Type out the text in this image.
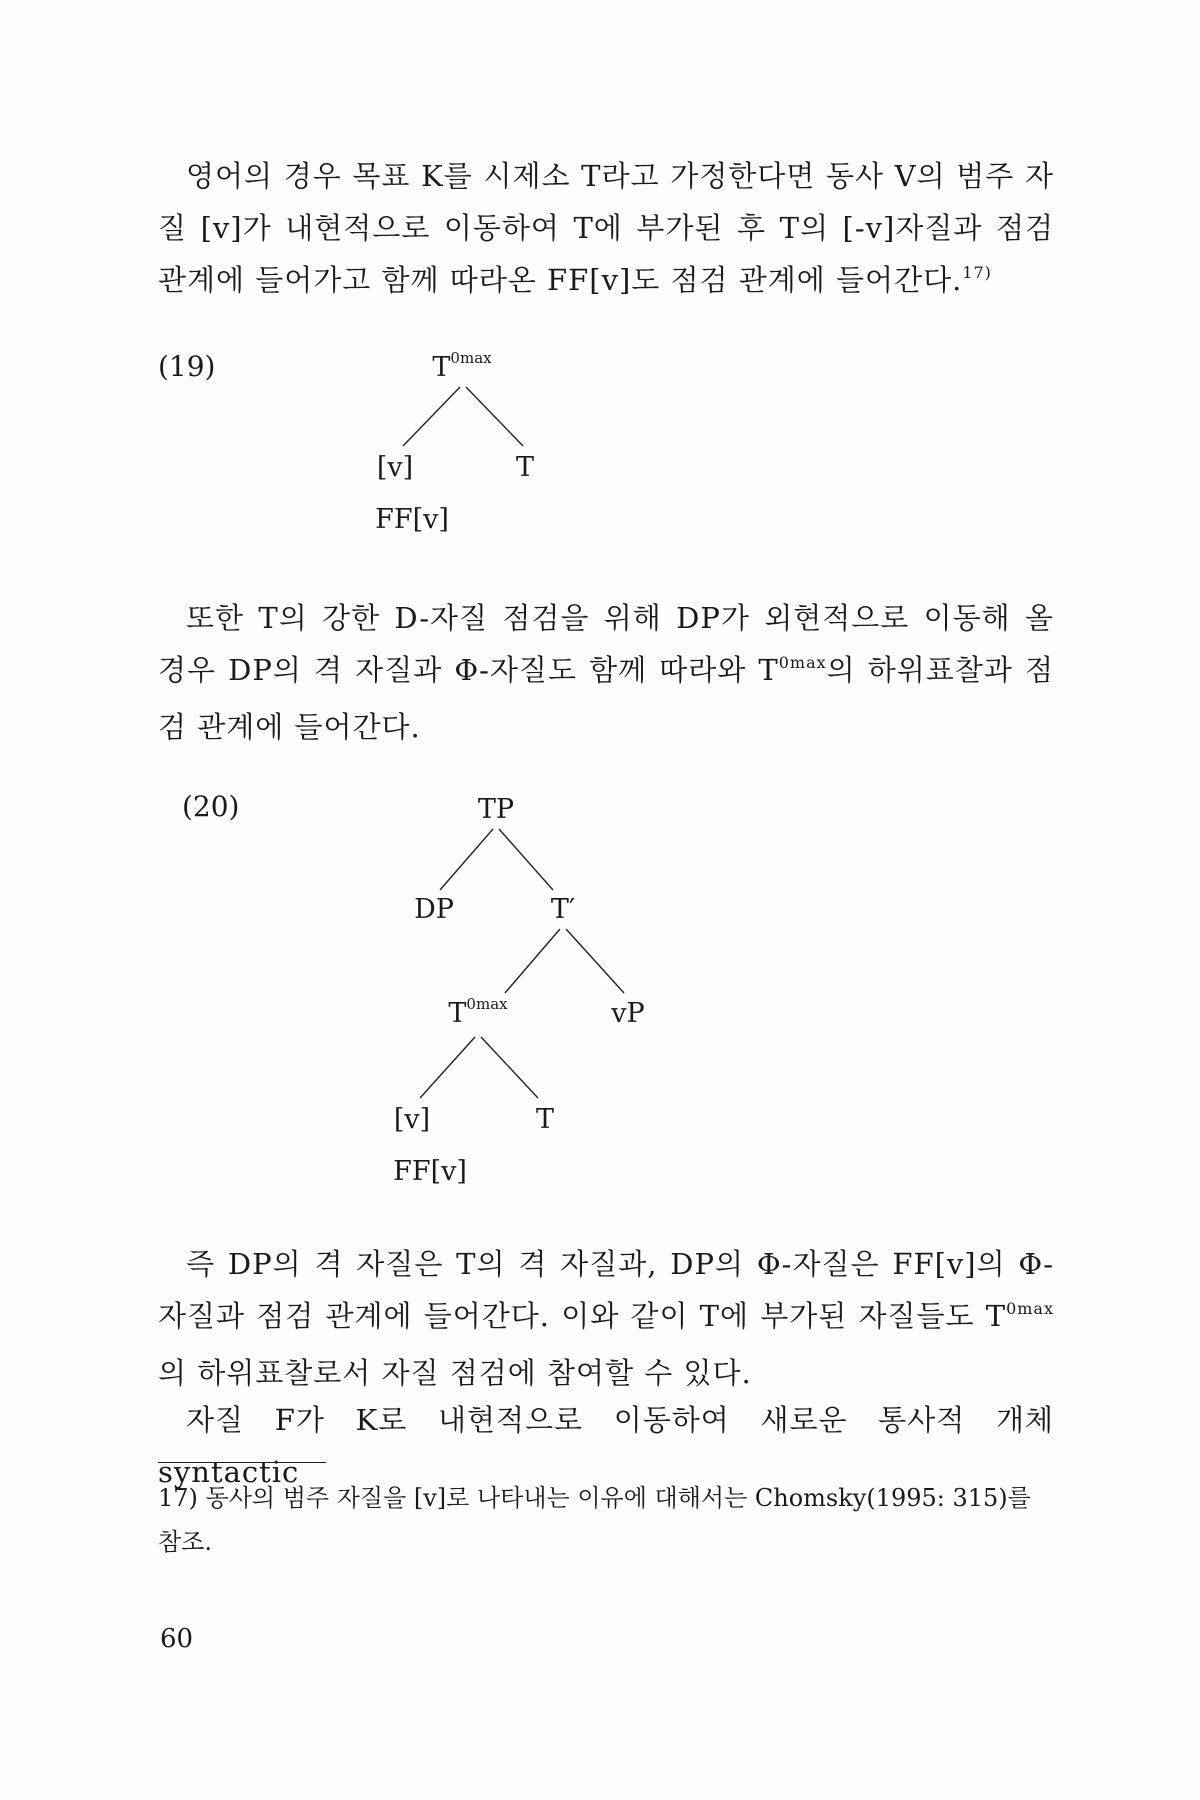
영어의 경우 목표 K를 시제소 T라고 가정한다면 동사 V의 범주 자질 [v]가 내현적으로 이동하여 T에 부가된 후 T의 [-v]자질과 점검 관계에 들어가고 함께 따라온 FF[v]도 점검 관계에 들어간다.$^{17)}$

(19)	$T^{0max}$
[v]
FF[v]
T

또한 T의 강한 D-자질 점검을 위해 DP가 외현적으로 이동해 올 경우 DP의 격 자질과 Φ-자질도 함께 따라와 $T^{0max}$의 하위표찰과 점검 관계에 들어간다.

(20)	TP
DP	T′
$T^{0max}$	vP
[v]
FF[v]
T

즉 DP의 격 자질은 T의 격 자질과, DP의 Φ-자질은 FF[v]의 Φ-자질과 점검 관계에 들어간다. 이와 같이 T에 부가된 자질들도 $T^{0max}$의 하위표찰로서 자질 점검에 참여할 수 있다.

자질 F가 K로 내현적으로 이동하여 새로운 통사적 개체 syntactic

17) 동사의 범주 자질을 [v]로 나타내는 이유에 대해서는 Chomsky(1995: 315)를 참조.

60
